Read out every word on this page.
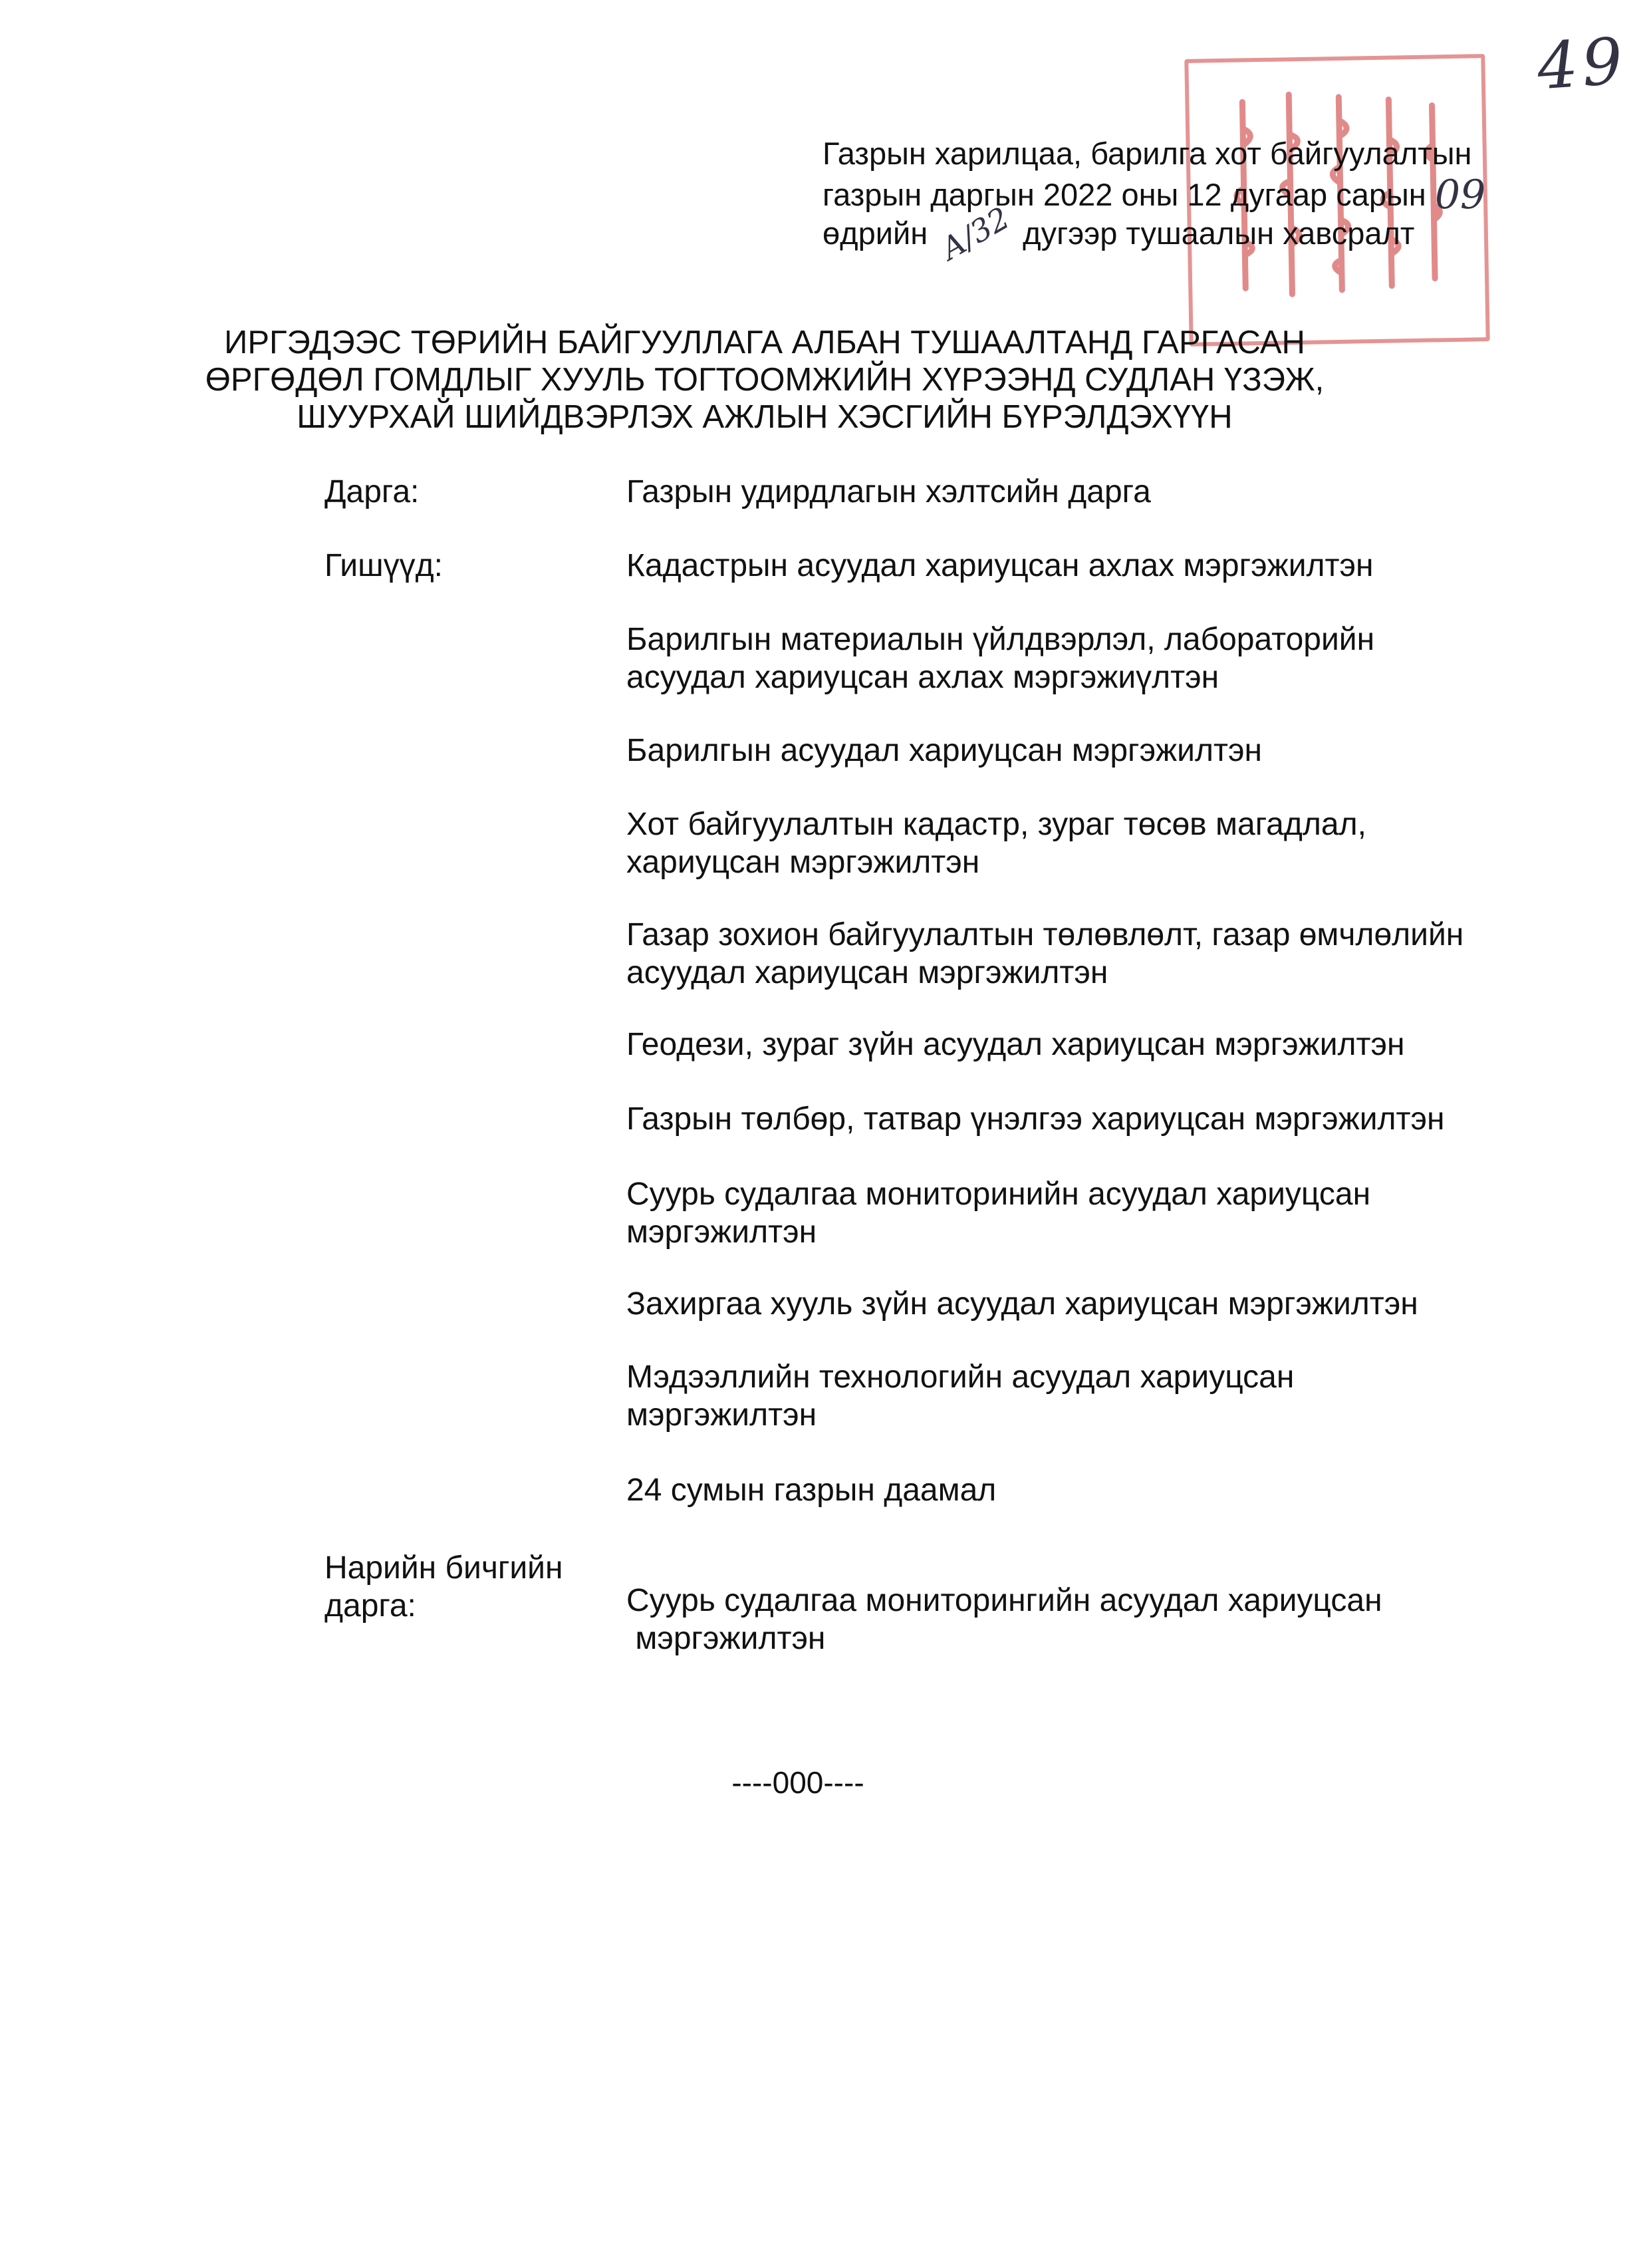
49
Газрын харилцаа, барилга хот байгуулалтын
газрын даргын 2022 оны 12 дугаар сарын 09
өдрийн А/32 дугээр тушаалын хавсралт
ИРГЭДЭЭС ТӨРИЙН БАЙГУУЛЛАГА АЛБАН ТУШААЛТАНД ГАРГАСАН
ӨРГӨДӨЛ ГОМДЛЫГ ХУУЛЬ ТОГТООМЖИЙН ХҮРЭЭНД СУДЛАН ҮЗЭЖ,
ШУУРХАЙ ШИЙДВЭРЛЭХ АЖЛЫН ХЭСГИЙН БҮРЭЛДЭХҮҮН
Дарга:	Газрын удирдлагын хэлтсийн дарга
Гишүүд:	Кадастрын асуудал хариуцсан ахлах мэргэжилтэн
Барилгын материалын үйлдвэрлэл, лабораторийн
асуудал хариуцсан ахлах мэргэжиүлтэн
Барилгын асуудал хариуцсан мэргэжилтэн
Хот байгуулалтын кадастр, зураг төсөв магадлал,
хариуцсан мэргэжилтэн
Газар зохион байгуулалтын төлөвлөлт, газар өмчлөлийн
асуудал хариуцсан мэргэжилтэн
Геодези, зураг зүйн асуудал хариуцсан мэргэжилтэн
Газрын төлбөр, татвар үнэлгээ хариуцсан мэргэжилтэн
Суурь судалгаа мониторинийн асуудал хариуцсан
мэргэжилтэн
Захиргаа хууль зүйн асуудал хариуцсан мэргэжилтэн
Мэдээллийн технологийн асуудал хариуцсан
мэргэжилтэн
24 сумын газрын даамал
Нарийн бичгийн
дарга:	Суурь судалгаа мониторингийн асуудал хариуцсан
мэргэжилтэн
----000----
